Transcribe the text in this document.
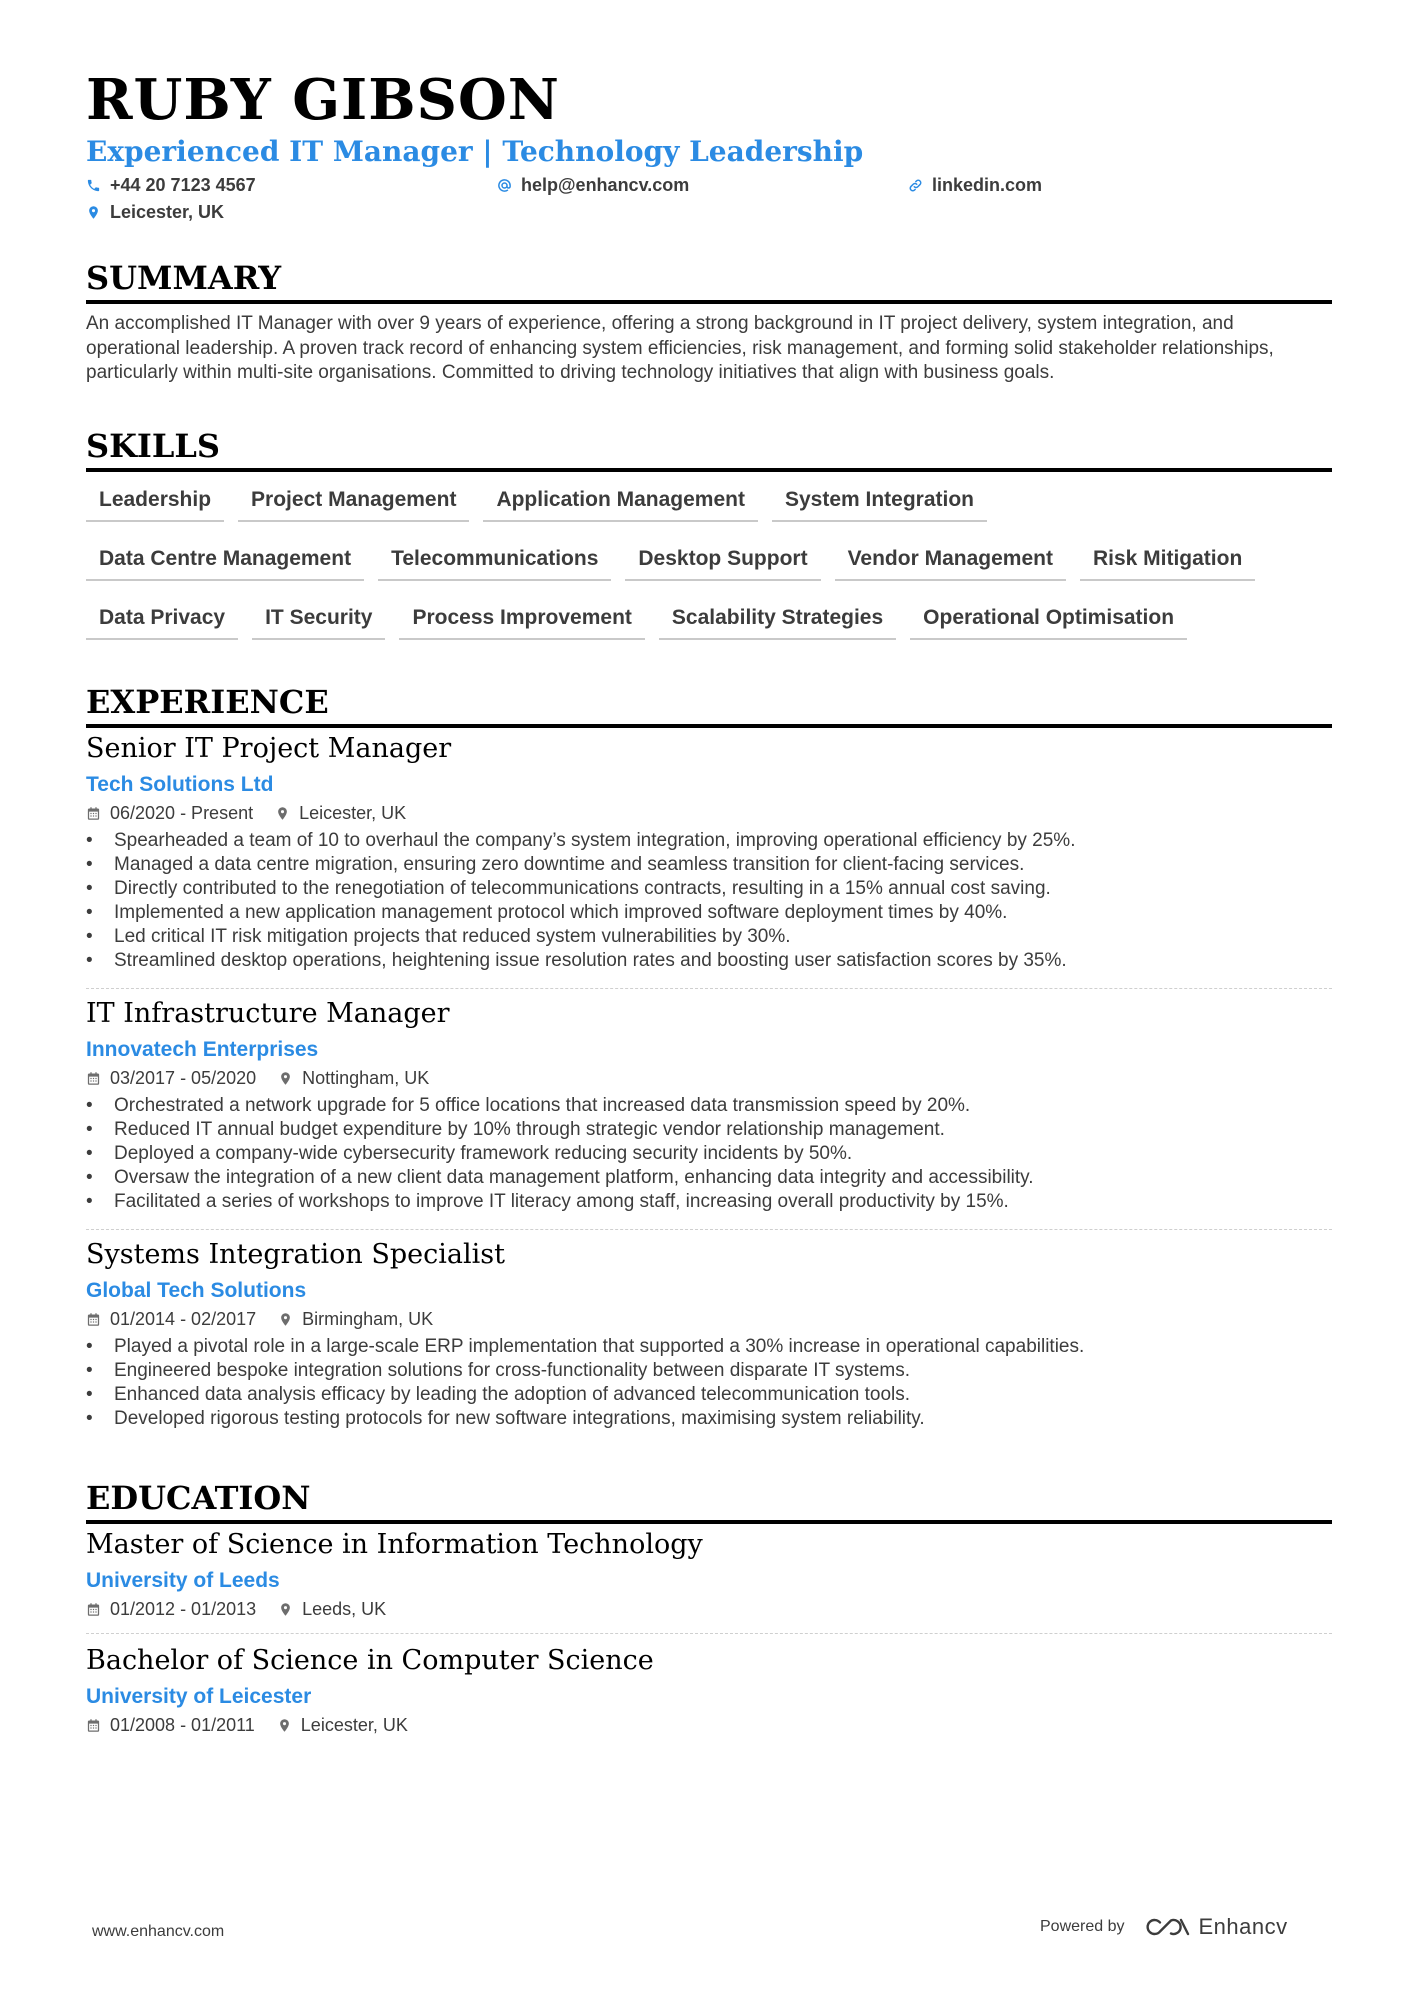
RUBY GIBSON
Experienced IT Manager | Technology Leadership
+44 20 7123 4567	help@enhancv.com	linkedin.com
Leicester, UK
SUMMARY
An accomplished IT Manager with over 9 years of experience, offering a strong background in IT project delivery, system integration, and operational leadership. A proven track record of enhancing system efficiencies, risk management, and forming solid stakeholder relationships, particularly within multi-site organisations. Committed to driving technology initiatives that align with business goals.
SKILLS
Leadership	Project Management	Application Management	System Integration
Data Centre Management	Telecommunications	Desktop Support	Vendor Management	Risk Mitigation
Data Privacy	IT Security	Process Improvement	Scalability Strategies	Operational Optimisation
EXPERIENCE
Senior IT Project Manager
Tech Solutions Ltd
06/2020 - Present	Leicester, UK
• Spearheaded a team of 10 to overhaul the company’s system integration, improving operational efficiency by 25%.
• Managed a data centre migration, ensuring zero downtime and seamless transition for client-facing services.
• Directly contributed to the renegotiation of telecommunications contracts, resulting in a 15% annual cost saving.
• Implemented a new application management protocol which improved software deployment times by 40%.
• Led critical IT risk mitigation projects that reduced system vulnerabilities by 30%.
• Streamlined desktop operations, heightening issue resolution rates and boosting user satisfaction scores by 35%.
IT Infrastructure Manager
Innovatech Enterprises
03/2017 - 05/2020	Nottingham, UK
• Orchestrated a network upgrade for 5 office locations that increased data transmission speed by 20%.
• Reduced IT annual budget expenditure by 10% through strategic vendor relationship management.
• Deployed a company-wide cybersecurity framework reducing security incidents by 50%.
• Oversaw the integration of a new client data management platform, enhancing data integrity and accessibility.
• Facilitated a series of workshops to improve IT literacy among staff, increasing overall productivity by 15%.
Systems Integration Specialist
Global Tech Solutions
01/2014 - 02/2017	Birmingham, UK
• Played a pivotal role in a large-scale ERP implementation that supported a 30% increase in operational capabilities.
• Engineered bespoke integration solutions for cross-functionality between disparate IT systems.
• Enhanced data analysis efficacy by leading the adoption of advanced telecommunication tools.
• Developed rigorous testing protocols for new software integrations, maximising system reliability.
EDUCATION
Master of Science in Information Technology
University of Leeds
01/2012 - 01/2013	Leeds, UK
Bachelor of Science in Computer Science
University of Leicester
01/2008 - 01/2011	Leicester, UK
www.enhancv.com	Powered by	Enhancv
